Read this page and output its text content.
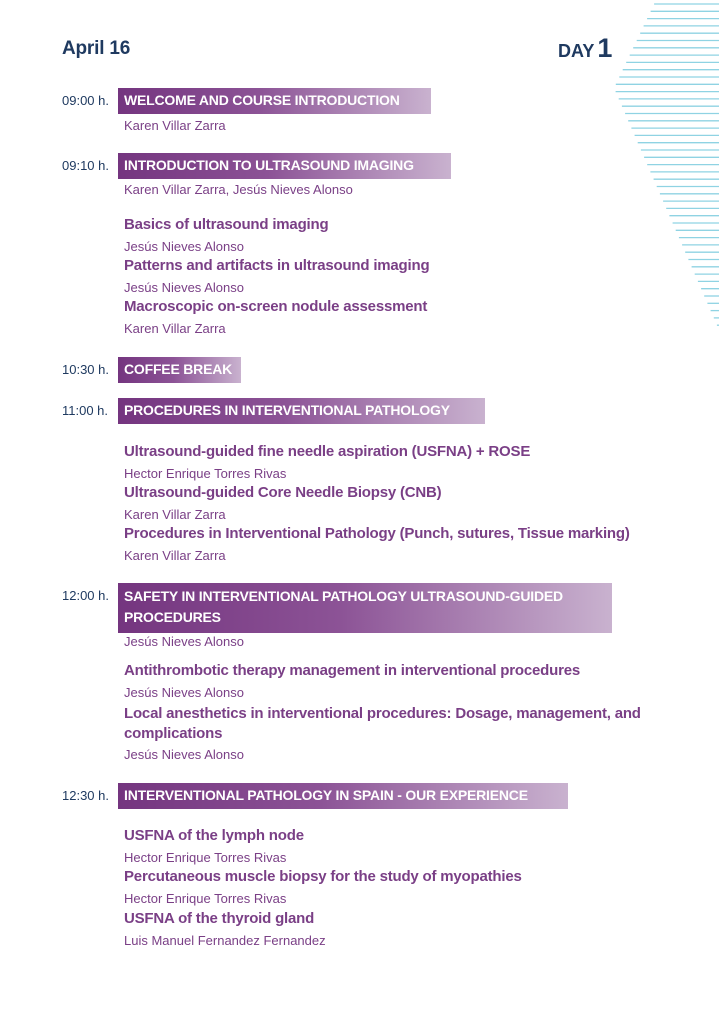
April 16	DAY 1
09:00 h.	WELCOME AND COURSE INTRODUCTION
Karen Villar Zarra
09:10 h.	INTRODUCTION TO ULTRASOUND IMAGING
Karen Villar Zarra, Jesús Nieves Alonso
Basics of ultrasound imaging
Jesús Nieves Alonso
Patterns and artifacts in ultrasound imaging
Jesús Nieves Alonso
Macroscopic on-screen nodule assessment
Karen Villar Zarra
10:30 h.	COFFEE BREAK
11:00 h.	PROCEDURES IN INTERVENTIONAL PATHOLOGY
Ultrasound-guided fine needle aspiration (USFNA) + ROSE
Hector Enrique Torres Rivas
Ultrasound-guided Core Needle Biopsy (CNB)
Karen Villar Zarra
Procedures in Interventional Pathology (Punch, sutures, Tissue marking)
Karen Villar Zarra
12:00 h.	SAFETY IN INTERVENTIONAL PATHOLOGY ULTRASOUND-GUIDED PROCEDURES
Jesús Nieves Alonso
Antithrombotic therapy management in interventional procedures
Jesús Nieves Alonso
Local anesthetics in interventional procedures: Dosage, management, and complications
Jesús Nieves Alonso
12:30 h.	INTERVENTIONAL PATHOLOGY IN SPAIN - OUR EXPERIENCE
USFNA of the lymph node
Hector Enrique Torres Rivas
Percutaneous muscle biopsy for the study of myopathies
Hector Enrique Torres Rivas
USFNA of the thyroid gland
Luis Manuel Fernandez Fernandez
